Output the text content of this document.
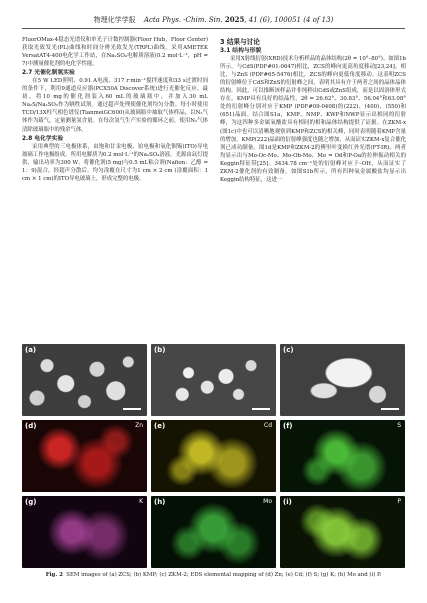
物理化学学报 Acta Phys. -Chim. Sin. 2025, 41 (6), 100051 (4 of 13)

FluorOMax-4稳态光谱仪和单光子计数控制器(Floor Hub，Floor Center)获取光致发光(PL)曲线和时间分辨光致发光(TRPL)曲线。采用AMETEK VersatAT4-400电化学工作站，在Na₂SO₄电解质溶液(0.2 mol·L⁻¹，pH = 7)中测量催化剂的电化学性能。

2.7 光催化制氢实验

在5 W LED照明、0.91 A电流、317 r·min⁻¹搅拌速度和33 s过渡时间的条件下，利用9通道反应器(PCX50A Discover系统)进行光催化反应。最初，将10 mg的催化剂装入60 mL的玻璃瓶中，并加入30 mL Na₂S/Na₂SO₃作为牺牲试剂。通过超声处理使催化剂均匀分散。每小时使用TCD/13X柱气相色谱仪(TianmeiGC600)从玻璃瓶中抽取气体样品，以N₂气体作为载气，定量测量氢含量。在每次氢气生产实验的循环之前，使用N₂气体清除玻璃瓶中的残余气体。

2.8 电化学实验

采用典型的三电极体系，由饱和甘汞电极、铂电极和氧化铟锡(ITO)导电玻璃工作电极组成。所用电解质为0.2 mol·L⁻¹的Na₂SO₄溶液。光源由氙灯提供，输出功率为300 W。将催化剂(5 mg)与0.5 mL粘合剂(Nafion：乙醇 = 1：9)混合，经超声分散后。均匀涂覆在尺寸为1 cm × 2 cm (涂覆面积：1 cm × 1 cm)的ITO导电玻璃上，形成完整的电极。

3 结果与讨论
3.1 结构与形貌

采用X射线衍射(XRD)技术分析样品的晶体结构(2θ = 10°–80°)。如图1b所示，与CdS(PDF#01-0647)相比，ZCS的峰向更高角度移动[23,24]。相比，与ZnS (PDF#65-5476)相比，ZCS的峰向更低角度移动。这表明ZCS的衍射峰位于CdS和ZnS的衍射峰之间，表明其具有介于两者之间的晶体晶体结构。因此，可以推断该样品并非纯粹由CdS或ZnS组成，而是以固溶体形式存在。KMP具有良好的结晶性，2θ = 26.62°、30.83°、56.04°和63.08°处的衍射峰分别对应于KMP (PDF#09-0408)的(222)、(400)、(550)和(651)晶面。结合图S1a，KMP、NMP、KWP和NWP显示出相同的衍射峰，为这四种多金属氧酸盐具有相同的相和晶体结构提供了证据。在ZKM-x (图1c)中也可以清晰地观察到KMP和ZCS的相关峰，同时表明随着KMP含量的增加，KMP(222)晶面的衍射峰强度也随之增加，从而证实ZKM-x复合催化剂已成功制备。图1d是KMP和ZKM-2的傅里叶变换红外光谱(FT-IR)。两者均显示出与Mo-Oc-Mo、Mo-Ob-Mo、Mo = Od和P-Oa的拉伸振动相关的Keggin特征带[25]。3434.78 cm⁻¹处的衍射峰对应于–OH，从而证实了ZKM-2催化剂的有效制备。如图S1b所示，所有四种氧金属酸盐均显示出Keggin结构特征，这进一

(a)	(b)	(c)
(d)	Zn (e)	Cd (f)	S
(g)	K (h)	Mo (i)	P
Fig. 2 SEM images of (a) ZCS; (b) KMP; (c) ZKM-2; EDS elemental mapping of (d) Zn; (e) Cd; (f) S; (g) K; (h) Mo and (i) P.
